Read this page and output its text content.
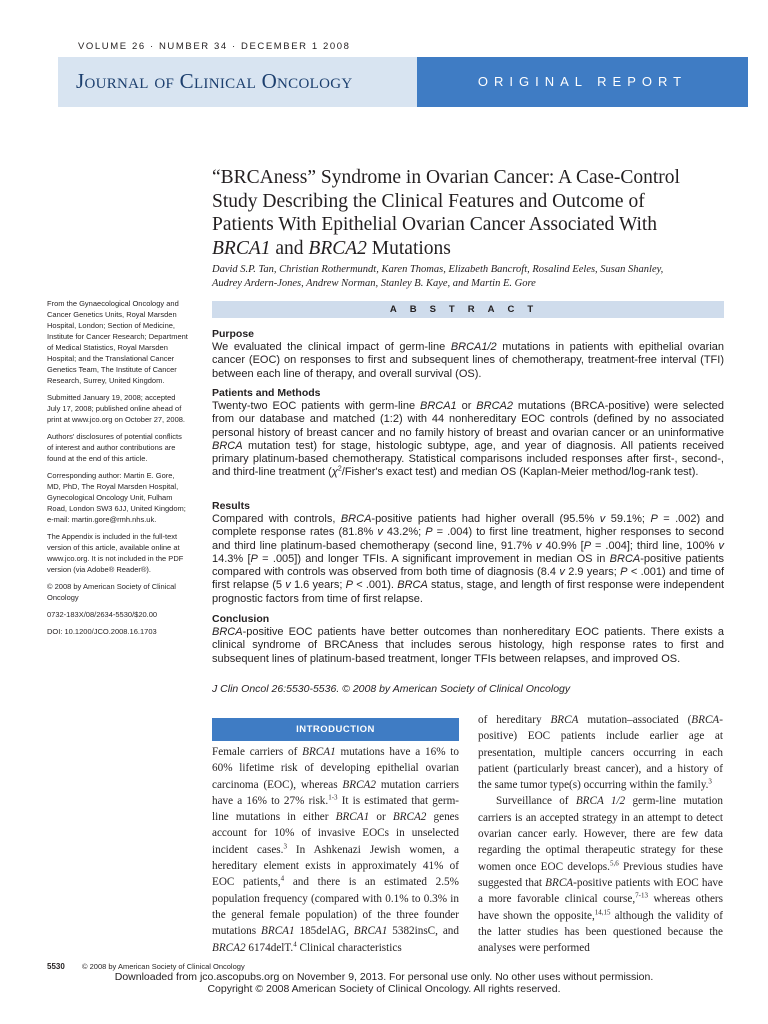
VOLUME 26 · NUMBER 34 · DECEMBER 1 2008
Journal of Clinical Oncology	ORIGINAL REPORT
“BRCAness” Syndrome in Ovarian Cancer: A Case-Control
Study Describing the Clinical Features and Outcome of
Patients With Epithelial Ovarian Cancer Associated With
BRCA1 and BRCA2 Mutations
David S.P. Tan, Christian Rothermundt, Karen Thomas, Elizabeth Bancroft, Rosalind Eeles, Susan Shanley,
Audrey Ardern-Jones, Andrew Norman, Stanley B. Kaye, and Martin E. Gore

From the Gynaecological Oncology and Cancer Genetics Units, Royal Marsden Hospital, London; Section of Medicine, Institute for Cancer Research; Department of Medical Statistics, Royal Marsden Hospital; and the Translational Cancer Genetics Team, The Institute of Cancer Research, Surrey, United Kingdom.

Submitted January 19, 2008; accepted July 17, 2008; published online ahead of print at www.jco.org on October 27, 2008.

Authors' disclosures of potential conflicts of interest and author contributions are found at the end of this article.

Corresponding author: Martin E. Gore, MD, PhD, The Royal Marsden Hospital, Gynecological Oncology Unit, Fulham Road, London SW3 6JJ, United Kingdom; e-mail: martin.gore@rmh.nhs.uk.

The Appendix is included in the full-text version of this article, available online at www.jco.org. It is not included in the PDF version (via Adobe® Reader®).

© 2008 by American Society of Clinical Oncology

0732-183X/08/2634-5530/$20.00

DOI: 10.1200/JCO.2008.16.1703

ABSTRACT
Purpose

We evaluated the clinical impact of germ-line BRCA1/2 mutations in patients with epithelial ovarian cancer (EOC) on responses to first and subsequent lines of chemotherapy, treatment-free interval (TFI) between each line of therapy, and overall survival (OS).

Patients and Methods

Twenty-two EOC patients with germ-line BRCA1 or BRCA2 mutations (BRCA-positive) were selected from our database and matched (1:2) with 44 nonhereditary EOC controls (defined by no associated personal history of breast cancer and no family history of breast and ovarian cancer or an uninformative BRCA mutation test) for stage, histologic subtype, age, and year of diagnosis. All patients received primary platinum-based chemotherapy. Statistical comparisons included responses after first-, second-, and third-line treatment ($\chi^2/Fisher's$ exact test) and median OS (Kaplan-Meier method/log-rank test).

Results

Compared with controls, BRCA-positive patients had higher overall (95.5% v 59.1%; P = .002) and complete response rates (81.8% v 43.2%; P = .004) to first line treatment, higher responses to second and third line platinum-based chemotherapy (second line, 91.7% v 40.9% [P = .004]; third line, 100% v 14.3% [P = .005]) and longer TFIs. A significant improvement in median OS in BRCA-positive patients compared with controls was observed from both time of diagnosis (8.4 v 2.9 years; P < .001) and time of first relapse (5 v 1.6 years; P < .001). BRCA status, stage, and length of first response were independent prognostic factors from time of first relapse.

Conclusion

BRCA-positive EOC patients have better outcomes than nonhereditary EOC patients. There exists a clinical syndrome of BRCAness that includes serous histology, high response rates to first and subsequent lines of platinum-based treatment, longer TFIs between relapses, and improved OS.

J Clin Oncol 26:5530-5536. © 2008 by American Society of Clinical Oncology
INTRODUCTION

Female carriers of BRCA1 mutations have a 16% to 60% lifetime risk of developing epithelial ovarian carcinoma (EOC), whereas BRCA2 mutation carriers have a 16% to 27% risk.$^{1-3}$ It is estimated that germ-line mutations in either BRCA1 or BRCA2 genes account for 10% of invasive EOCs in unselected incident cases.$^3$ In Ashkenazi Jewish women, a hereditary element exists in approximately 41% of EOC patients,$^4$ and there is an estimated 2.5% population frequency (compared with 0.1% to 0.3% in the general female population) of the three founder mutations BRCA1 185delAG, BRCA1 5382insC, and BRCA2 6174delT.$^4$ Clinical characteristics

of hereditary BRCA mutation–associated (BRCA-positive) EOC patients include earlier age at presentation, multiple cancers occurring in each patient (particularly breast cancer), and a history of the same tumor type(s) occurring within the family.$^3$

Surveillance of BRCA 1/2 germ-line mutation carriers is an accepted strategy in an attempt to detect ovarian cancer early. However, there are few data regarding the optimal therapeutic strategy for these women once EOC develops.$^{5,6}$ Previous studies have suggested that BRCA-positive patients with EOC have a more favorable clinical course,$^{7-13}$ whereas others have shown the opposite,$^{14,15}$ although the validity of the latter studies has been questioned because the analyses were performed

5530 © 2008 by American Society of Clinical Oncology
Downloaded from jco.ascopubs.org on November 9, 2013. For personal use only. No other uses without permission.
Copyright © 2008 American Society of Clinical Oncology. All rights reserved.
